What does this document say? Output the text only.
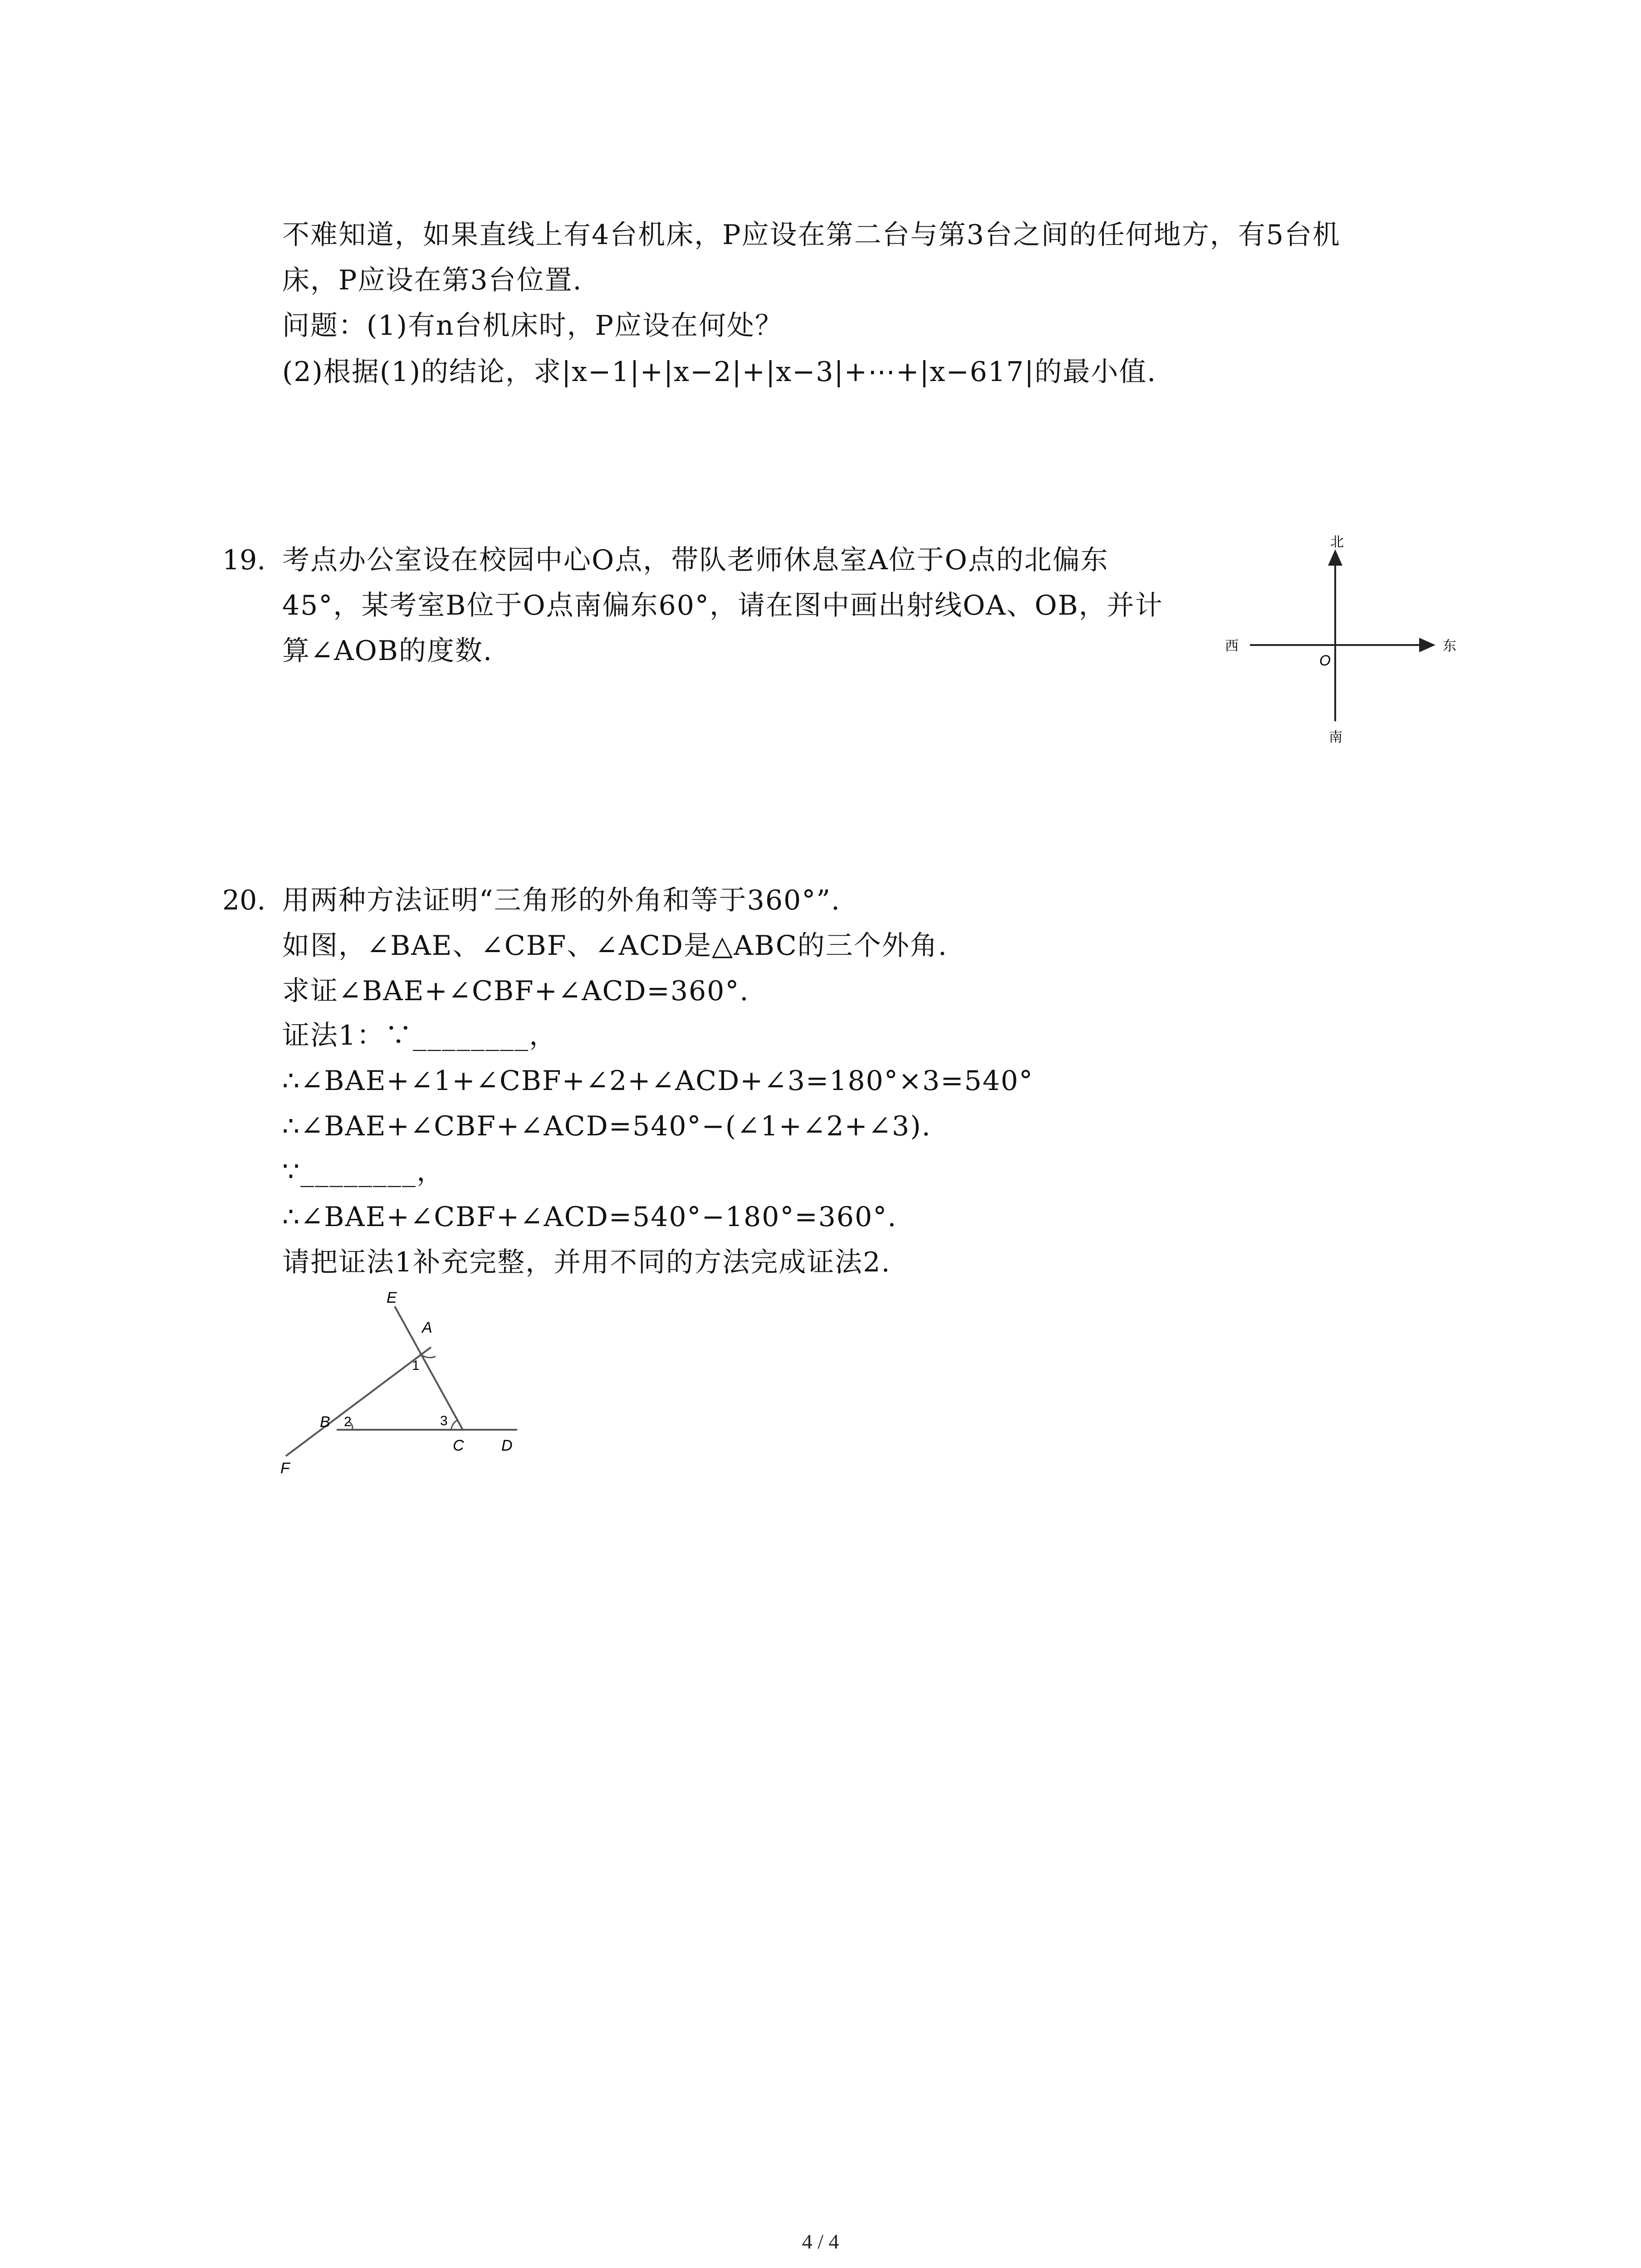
不难知道，如果直线上有4台机床，P应设在第二台与第3台之间的任何地方，有5台机
床，P应设在第3台位置.
问题：(1)有n台机床时，P应设在何处？
(2)根据(1)的结论，求|x−1|+|x−2|+|x−3|+⋯+|x−617|的最小值.
19. 考点办公室设在校园中心O点，带队老师休息室A位于O点的北偏东
45°，某考室B位于O点南偏东60°，请在图中画出射线OA、OB，并计
算∠AOB的度数.
北
南
东
西
O
20. 用两种方法证明“三角形的外角和等于360°”.
如图，∠BAE、∠CBF、∠ACD是△ABC的三个外角.
求证∠BAE+∠CBF+∠ACD=360°.
证法1：∵________，
∴∠BAE+∠1+∠CBF+∠2+∠ACD+∠3=180°×3=540°
∴∠BAE+∠CBF+∠ACD=540°−(∠1+∠2+∠3).
∵________，
∴∠BAE+∠CBF+∠ACD=540°−180°=360°.
请把证法1补充完整，并用不同的方法完成证法2.
E
A
1
B 2	3
C D
F
4 / 4
